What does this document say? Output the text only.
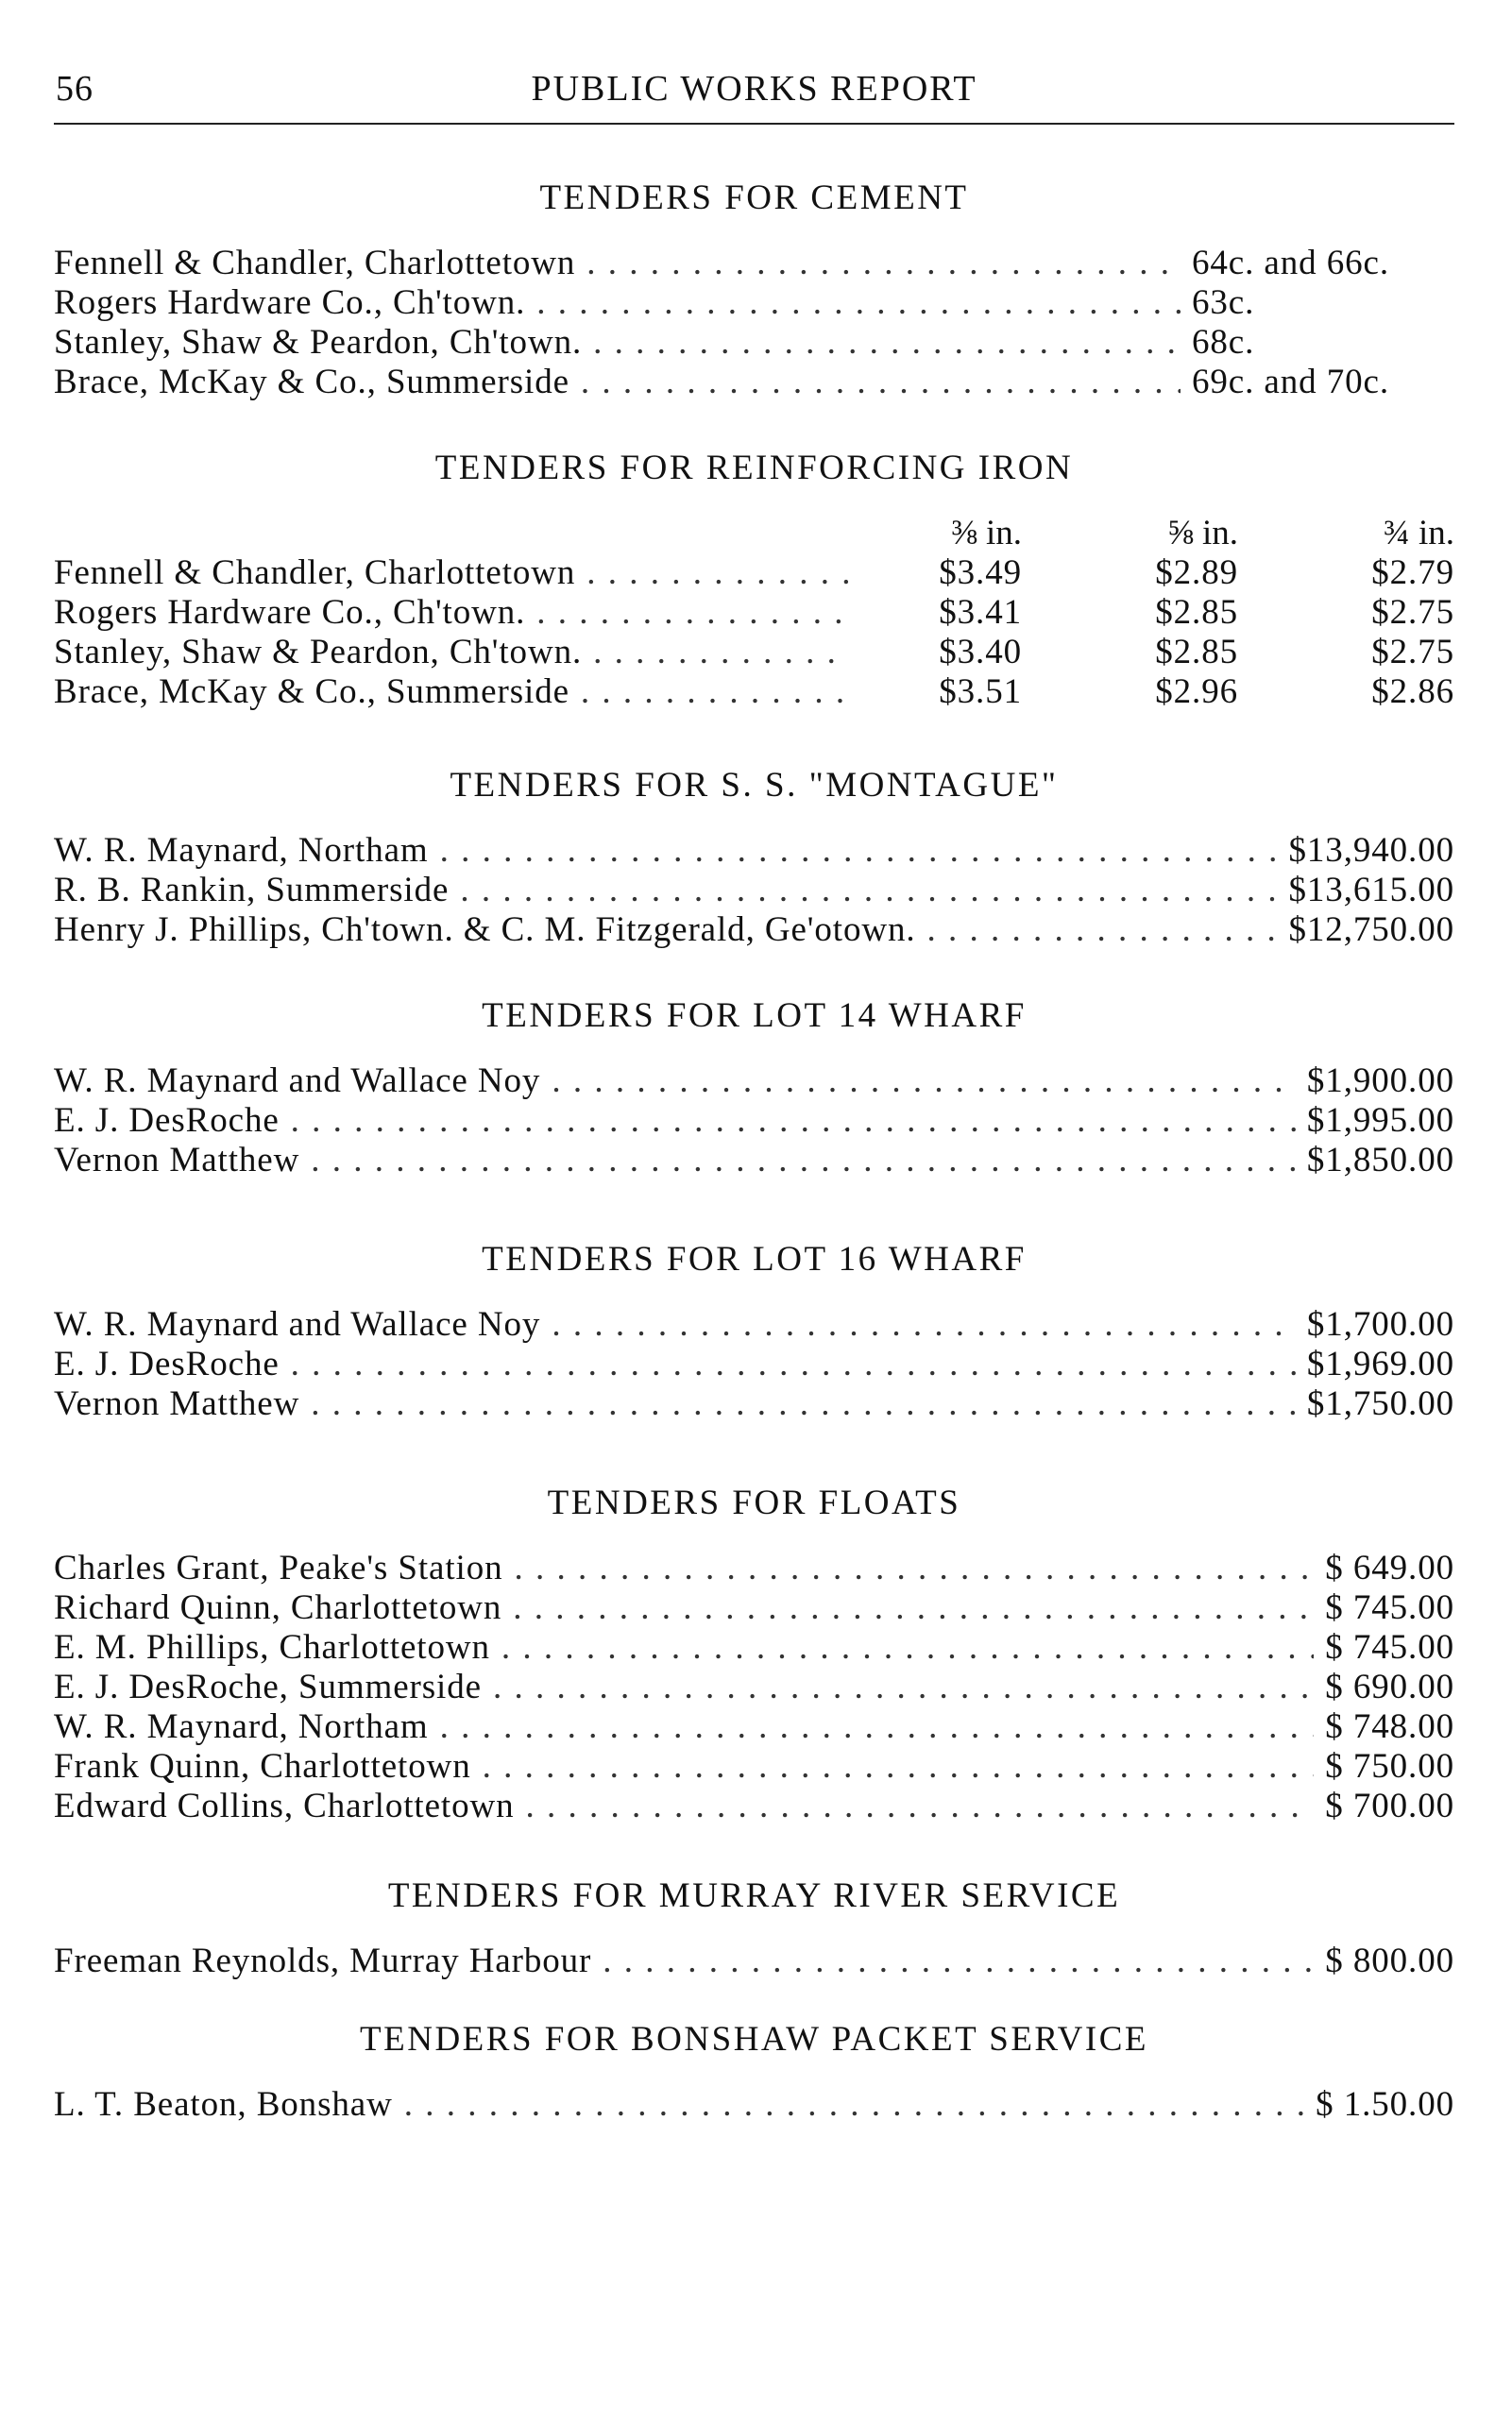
56	PUBLIC WORKS REPORT
TENDERS FOR CEMENT
Fennell & Chandler, Charlottetown . . .	64c. and 66c.
Rogers Hardware Co., Ch'town. . . .	63c.
Stanley, Shaw & Peardon, Ch'town. . . .	68c.
Brace, McKay & Co., Summerside . . .	69c. and 70c.
TENDERS FOR REINFORCING IRON
⅜ in.	⅝ in.	¾ in.
Fennell & Chandler, Charlottetown . . .	$3.49	$2.89	$2.79
Rogers Hardware Co., Ch'town. . . .	$3.41	$2.85	$2.75
Stanley, Shaw & Peardon, Ch'town. . . .	$3.40	$2.85	$2.75
Brace, McKay & Co., Summerside . . .	$3.51	$2.96	$2.86
TENDERS FOR S. S. "MONTAGUE"
W. R. Maynard, Northam . . .	$13,940.00
R. B. Rankin, Summerside . . .	$13,615.00
Henry J. Phillips, Ch'town. & C. M. Fitzgerald, Ge'otown. . . .	$12,750.00
TENDERS FOR LOT 14 WHARF
W. R. Maynard and Wallace Noy . . .	$1,900.00
E. J. DesRoche . . .	$1,995.00
Vernon Matthew . . .	$1,850.00
TENDERS FOR LOT 16 WHARF
W. R. Maynard and Wallace Noy . . .	$1,700.00
E. J. DesRoche . . .	$1,969.00
Vernon Matthew . . .	$1,750.00
TENDERS FOR FLOATS
Charles Grant, Peake's Station . . .	$ 649.00
Richard Quinn, Charlottetown . . .	$ 745.00
E. M. Phillips, Charlottetown . . .	$ 745.00
E. J. DesRoche, Summerside . . .	$ 690.00
W. R. Maynard, Northam . . .	$ 748.00
Frank Quinn, Charlottetown . . .	$ 750.00
Edward Collins, Charlottetown . . .	$ 700.00
TENDERS FOR MURRAY RIVER SERVICE
Freeman Reynolds, Murray Harbour . . .	$ 800.00
TENDERS FOR BONSHAW PACKET SERVICE
L. T. Beaton, Bonshaw . . .	$ 1.50.00
